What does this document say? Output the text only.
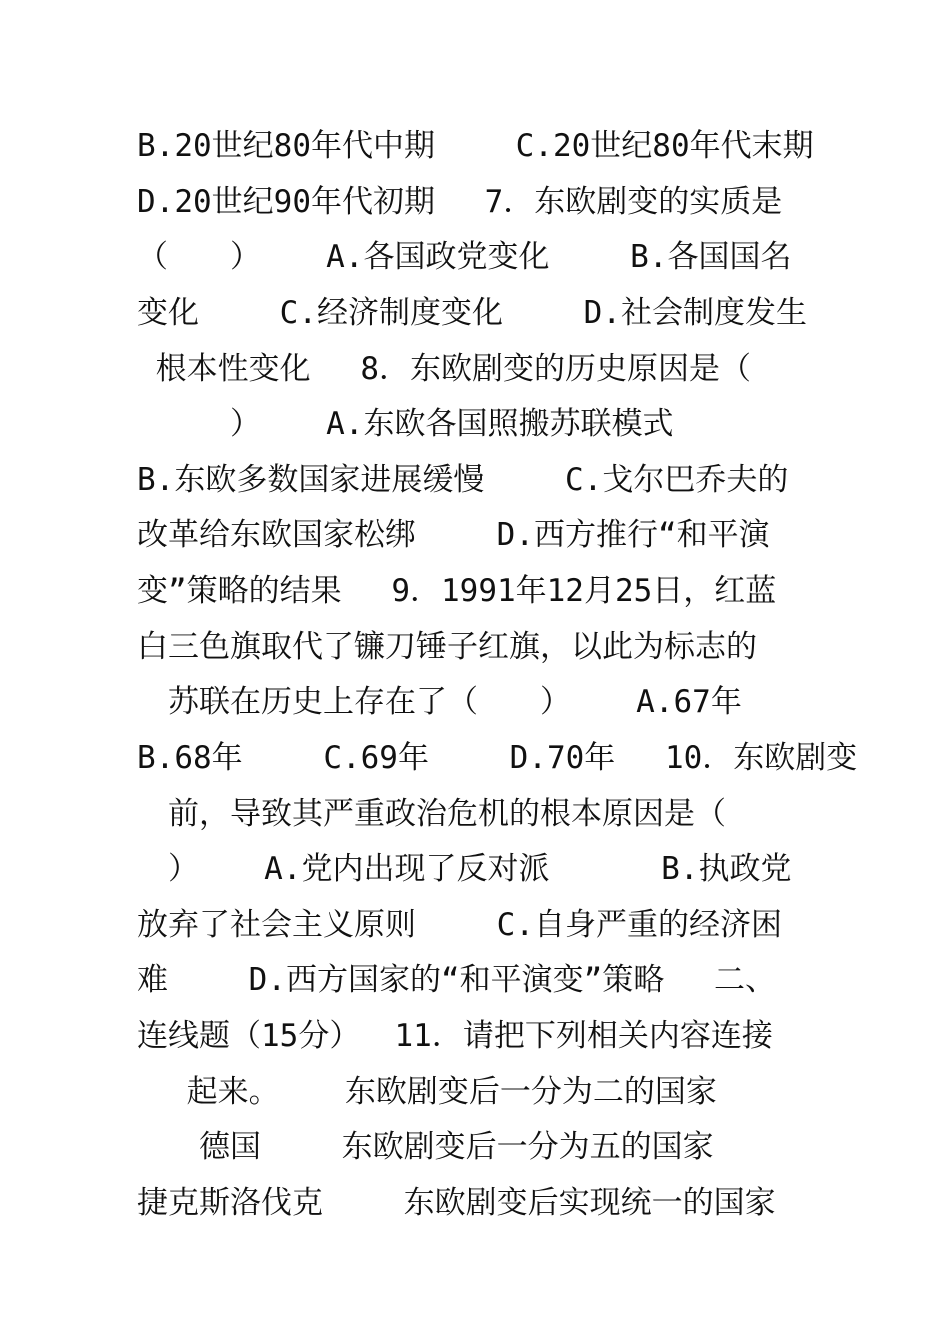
B.20世纪80年代中期　　 C.20世纪80年代末期
D.20世纪90年代初期　 7．东欧剧变的实质是
（　　）　　 A.各国政党变化　　 B.各国国名
变化　　 C.经济制度变化　　 D.社会制度发生
根本性变化　 8．东欧剧变的历史原因是（
　　　）　　 A.东欧各国照搬苏联模式
B.东欧多数国家进展缓慢　　 C.戈尔巴乔夫的
改革给东欧国家松绑　　 D.西方推行“和平演
变”策略的结果　 9．1991年12月25日，红蓝
白三色旗取代了镰刀锤子红旗，以此为标志的
　苏联在历史上存在了（　　）　　 A.67年
B.68年　　 C.69年　　 D.70年　 10．东欧剧变
　前，导致其严重政治危机的根本原因是（
　）　　 A.党内出现了反对派　　　 B.执政党
放弃了社会主义原则　　 C.自身严重的经济困
难　　 D.西方国家的“和平演变”策略　 二、
连线题（15分）　 11．请把下列相关内容连接
　 起来。　　 东欧剧变后一分为二的国家
　　德国　　 东欧剧变后一分为五的国家
捷克斯洛伐克　　 东欧剧变后实现统一的国家
